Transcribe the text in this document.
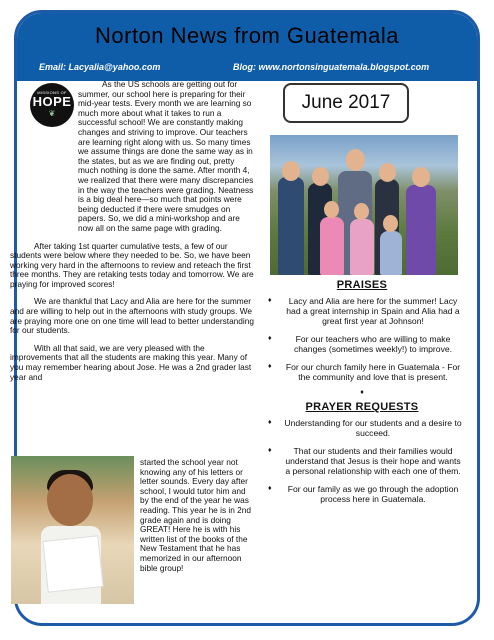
Norton News from Guatemala
Email: Lacyalia@yahoo.com	Blog: www.nortonsinguatemala.blogspot.com
MISSIONS OF
HOPE
❦

As the US schools are getting out for summer, our school here is preparing for their mid-year tests. Every month we are learning so much more about what it takes to run a successful school! We are constantly making changes and striving to improve. Our teachers are learning right along with us. So many times we assume things are done the same way as in the states, but as we are finding out, pretty much nothing is done the same. After month 4, we realized that there were many discrepancies in the way the teachers were grading. Neatness is a big deal here—so much that points were being deducted if there were smudges on papers. So, we did a mini-workshop and are now all on the same page with grading.

After taking 1st quarter cumulative tests, a few of our students were below where they needed to be. So, we have been working very hard in the afternoons to review and reteach the first three months. They are retaking tests today and tomorrow. We are praying for improved scores!

We are thankful that Lacy and Alia are here for the summer and are willing to help out in the afternoons with study groups. We are praying more one on one time will lead to better understanding for our students.

With all that said, we are very pleased with the improvements that all the students are making this year. Many of you may remember hearing about Jose. He was a 2nd grader last year and

started the school year not knowing any of his letters or letter sounds. Every day after school, I would tutor him and by the end of the year he was reading. This year he is in 2nd grade again and is doing GREAT! Here he is with his written list of the books of the New Testament that he has memorized in our afternoon bible group!
June 2017
PRAISES
♦ Lacy and Alia are here for the summer! Lacy had a great internship in Spain and Alia had a great first year at Johnson!
♦	For our teachers who are willing to make changes (sometimes weekly!) to improve.
♦ For our church family here in Guatemala - For the community and love that is present.
♦
PRAYER REQUESTS
♦ Understanding for our students and a desire to succeed.
♦	That our students and their families would understand that Jesus is their hope and wants a personal relationship with each one of them.
♦ For our family as we go through the adoption process here in Guatemala.
